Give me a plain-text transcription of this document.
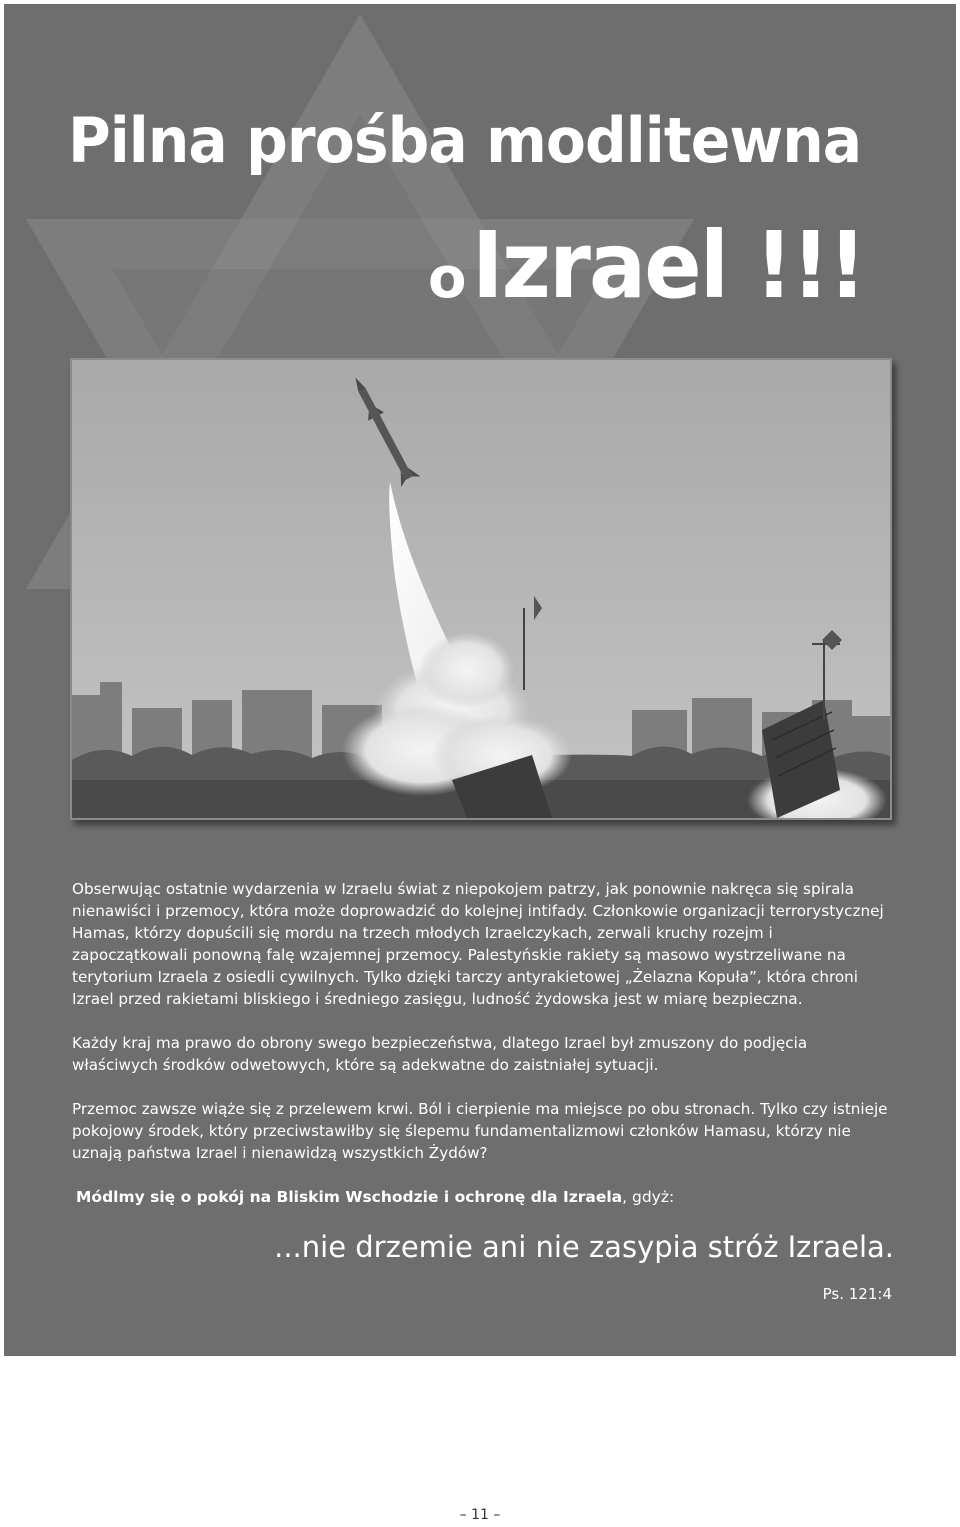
Pilna prośba modlitewna
o Izrael !!!

Obserwując ostatnie wydarzenia w Izraelu świat z niepokojem patrzy, jak ponownie nakręca się spirala nienawiści i przemocy, która może doprowadzić do kolejnej intifady. Członkowie organizacji terrorystycznej Hamas, którzy dopuścili się mordu na trzech młodych Izraelczykach, zerwali kruchy rozejm i zapoczątkowali ponowną falę wzajemnej przemocy. Palestyńskie rakiety są masowo wystrzeliwane na terytorium Izraela z osiedli cywilnych. Tylko dzięki tarczy antyrakietowej „Żelazna Kopuła”, która chroni Izrael przed rakietami bliskiego i średniego zasięgu, ludność żydowska jest w miarę bezpieczna.

Każdy kraj ma prawo do obrony swego bezpieczeństwa, dlatego Izrael był zmuszony do podjęcia właściwych środków odwetowych, które są adekwatne do zaistniałej sytuacji.

Przemoc zawsze wiąże się z przelewem krwi. Ból i cierpienie ma miejsce po obu stronach. Tylko czy istnieje pokojowy środek, który przeciwstawiłby się ślepemu fundamentalizmowi członków Hamasu, którzy nie uznają państwa Izrael i nienawidzą wszystkich Żydów?

Módlmy się o pokój na Bliskim Wschodzie i ochronę dla Izraela, gdyż:
...nie drzemie ani nie zasypia stróż Izraela.
Ps. 121:4
– 11 –
